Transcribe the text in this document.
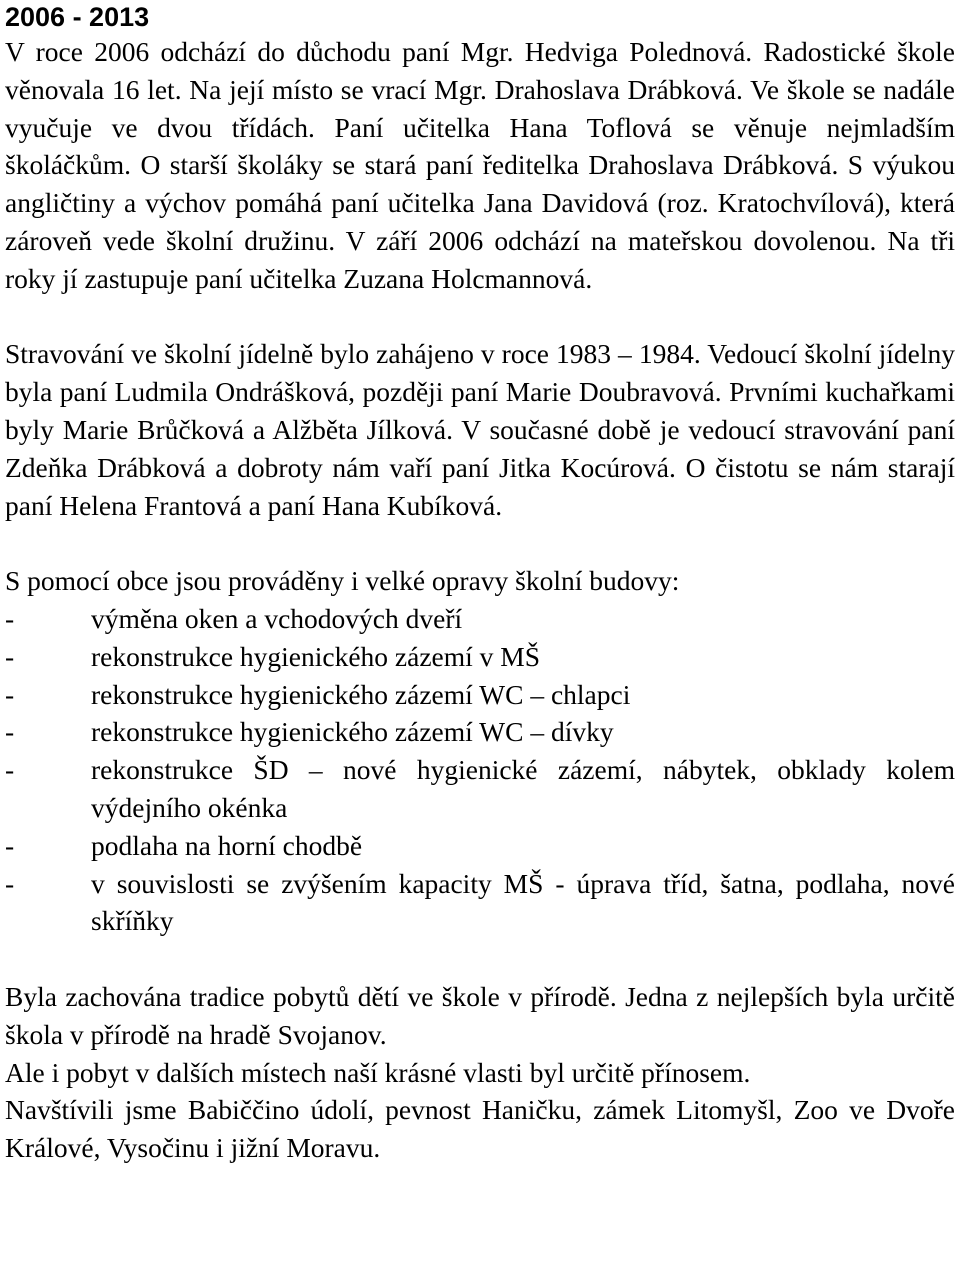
2006 - 2013

V roce 2006 odchází do důchodu paní Mgr. Hedviga Polednová. Radostické škole věnovala 16 let. Na její místo se vrací Mgr. Drahoslava Drábková. Ve škole se nadále vyučuje ve dvou třídách. Paní učitelka Hana Toflová se věnuje nejmladším školáčkům. O starší školáky se stará paní ředitelka Drahoslava Drábková. S výukou angličtiny a výchov pomáhá paní učitelka Jana Davidová (roz. Kratochvílová), která zároveň vede školní družinu. V září 2006 odchází na mateřskou dovolenou. Na tři roky jí zastupuje paní učitelka Zuzana Holcmannová.

Stravování ve školní jídelně bylo zahájeno v roce 1983 – 1984. Vedoucí školní jídelny byla paní Ludmila Ondrášková, později paní Marie Doubravová. Prvními kuchařkami byly Marie Brůčková a Alžběta Jílková. V současné době je vedoucí stravování paní Zdeňka Drábková a dobroty nám vaří paní Jitka Kocúrová. O čistotu se nám starají paní Helena Frantová a paní Hana Kubíková.

S pomocí obce jsou prováděny i velké opravy školní budovy:

-	výměna oken a vchodových dveří
-	rekonstrukce hygienického zázemí v MŠ
-	rekonstrukce hygienického zázemí WC – chlapci
-	rekonstrukce hygienického zázemí WC – dívky
-	rekonstrukce ŠD – nové hygienické zázemí, nábytek, obklady kolem výdejního okénka
-	podlaha na horní chodbě
-	v souvislosti se zvýšením kapacity MŠ - úprava tříd, šatna, podlaha, nové skříňky

Byla zachována tradice pobytů dětí ve škole v přírodě. Jedna z nejlepších byla určitě škola v přírodě na hradě Svojanov.

Ale i pobyt v dalších místech naší krásné vlasti byl určitě přínosem.

Navštívili jsme Babiččino údolí, pevnost Haničku, zámek Litomyšl, Zoo ve Dvoře Králové, Vysočinu i jižní Moravu.
